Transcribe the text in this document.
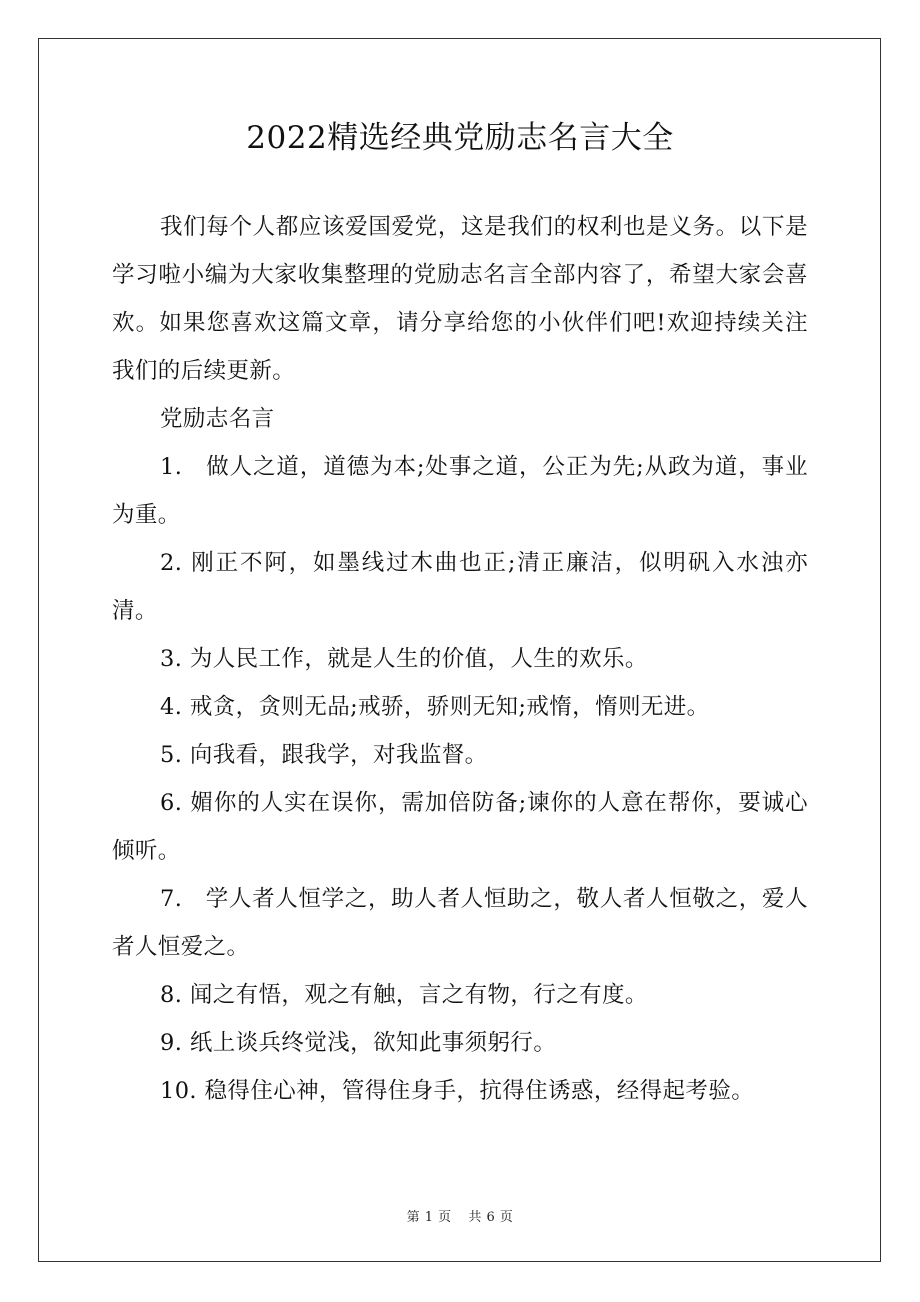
2022精选经典党励志名言大全

我们每个人都应该爱国爱党，这是我们的权利也是义务。以下是学习啦小编为大家收集整理的党励志名言全部内容了，希望大家会喜欢。如果您喜欢这篇文章，请分享给您的小伙伴们吧!欢迎持续关注我们的后续更新。

党励志名言

1.　做人之道，道德为本;处事之道，公正为先;从政为道，事业为重。

2. 刚正不阿，如墨线过木曲也正;清正廉洁，似明矾入水浊亦清。

3. 为人民工作，就是人生的价值，人生的欢乐。

4. 戒贪，贪则无品;戒骄，骄则无知;戒惰，惰则无进。

5. 向我看，跟我学，对我监督。

6. 媚你的人实在误你，需加倍防备;谏你的人意在帮你，要诚心倾听。

7.　学人者人恒学之，助人者人恒助之，敬人者人恒敬之，爱人者人恒爱之。

8. 闻之有悟，观之有触，言之有物，行之有度。

9. 纸上谈兵终觉浅，欲知此事须躬行。

10. 稳得住心神，管得住身手，抗得住诱惑，经得起考验。

第 1 页 共 6 页
